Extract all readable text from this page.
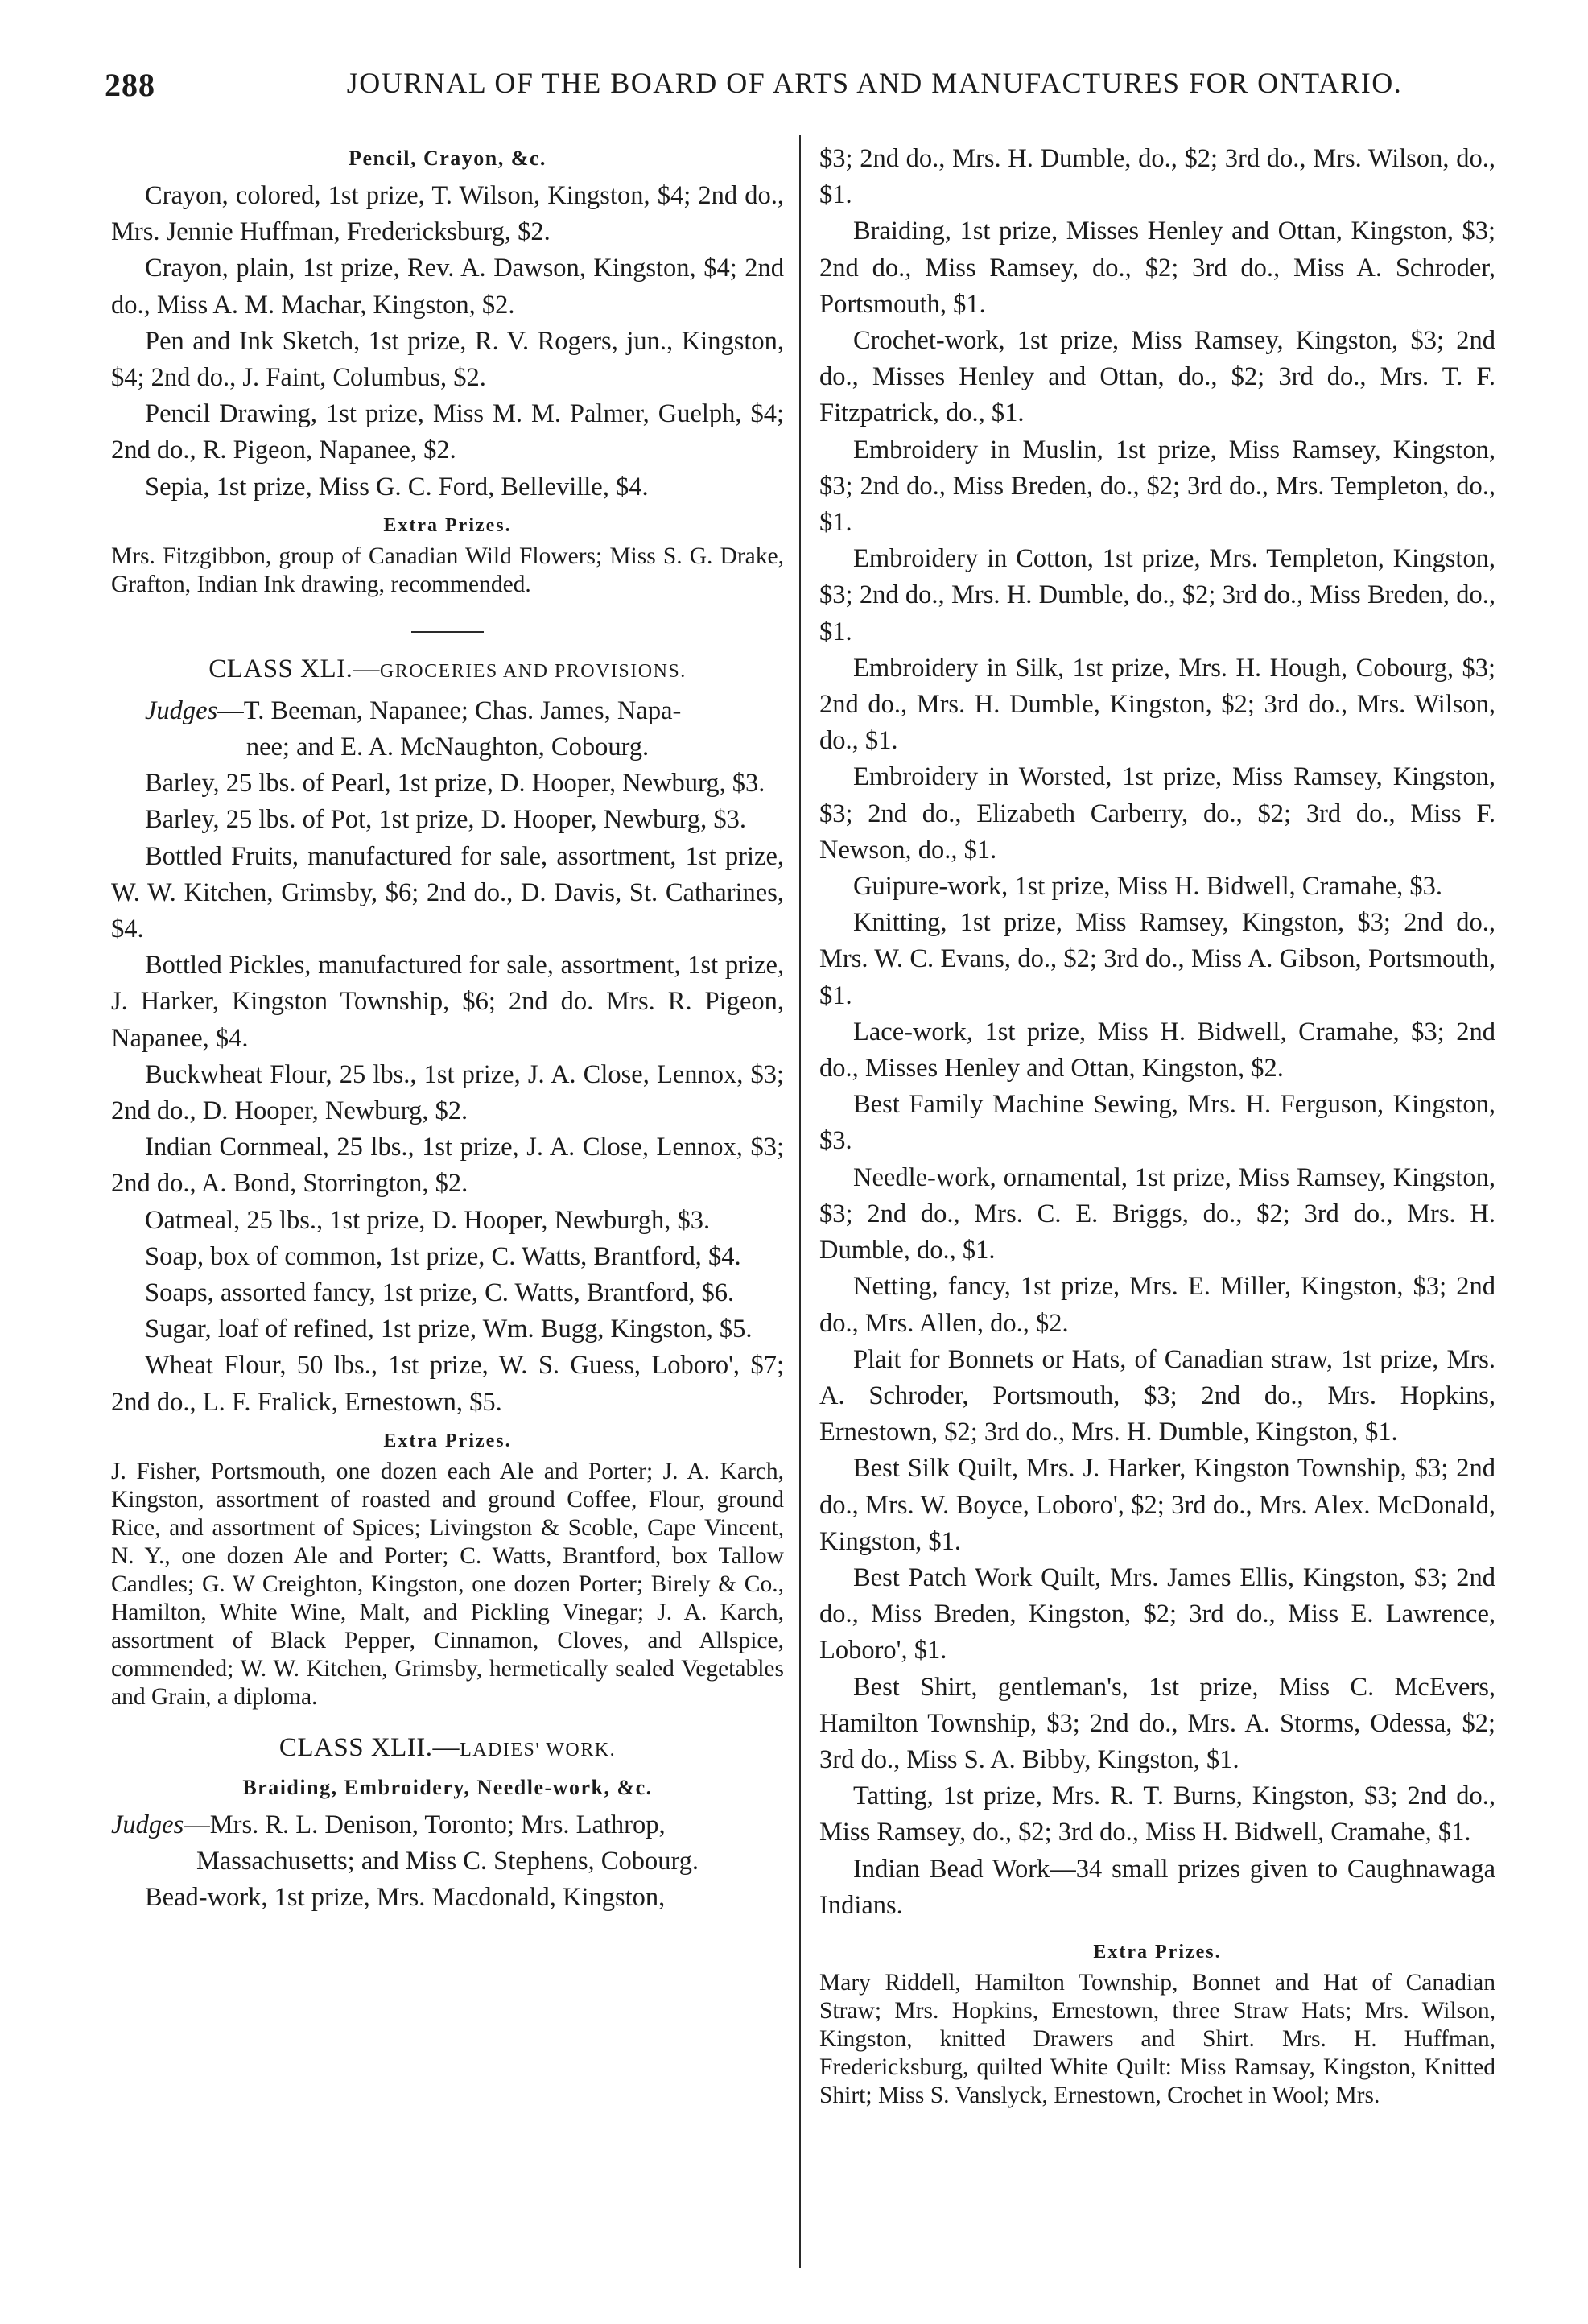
288	JOURNAL OF THE BOARD OF ARTS AND MANUFACTURES FOR ONTARIO.
Pencil, Crayon, &c.

Crayon, colored, 1st prize, T. Wilson, Kingston, $4; 2nd do., Mrs. Jennie Huffman, Fredericksburg, $2.

Crayon, plain, 1st prize, Rev. A. Dawson, Kingston, $4; 2nd do., Miss A. M. Machar, Kingston, $2.

Pen and Ink Sketch, 1st prize, R. V. Rogers, jun., Kingston, $4; 2nd do., J. Faint, Columbus, $2.

Pencil Drawing, 1st prize, Miss M. M. Palmer, Guelph, $4; 2nd do., R. Pigeon, Napanee, $2.

Sepia, 1st prize, Miss G. C. Ford, Belleville, $4.

Extra Prizes.

Mrs. Fitzgibbon, group of Canadian Wild Flowers; Miss S. G. Drake, Grafton, Indian Ink drawing, recommended.

CLASS XLI.—GROCERIES AND PROVISIONS.

Judges—T. Beeman, Napanee; Chas. James, Napa-

nee; and E. A. McNaughton, Cobourg.

Barley, 25 lbs. of Pearl, 1st prize, D. Hooper, Newburg, $3.

Barley, 25 lbs. of Pot, 1st prize, D. Hooper, Newburg, $3.

Bottled Fruits, manufactured for sale, assortment, 1st prize, W. W. Kitchen, Grimsby, $6; 2nd do., D. Davis, St. Catharines, $4.

Bottled Pickles, manufactured for sale, assortment, 1st prize, J. Harker, Kingston Township, $6; 2nd do. Mrs. R. Pigeon, Napanee, $4.

Buckwheat Flour, 25 lbs., 1st prize, J. A. Close, Lennox, $3; 2nd do., D. Hooper, Newburg, $2.

Indian Cornmeal, 25 lbs., 1st prize, J. A. Close, Lennox, $3; 2nd do., A. Bond, Storrington, $2.

Oatmeal, 25 lbs., 1st prize, D. Hooper, Newburgh, $3.

Soap, box of common, 1st prize, C. Watts, Brantford, $4.

Soaps, assorted fancy, 1st prize, C. Watts, Brantford, $6.

Sugar, loaf of refined, 1st prize, Wm. Bugg, Kingston, $5.

Wheat Flour, 50 lbs., 1st prize, W. S. Guess, Loboro', $7; 2nd do., L. F. Fralick, Ernestown, $5.

Extra Prizes.

J. Fisher, Portsmouth, one dozen each Ale and Porter; J. A. Karch, Kingston, assortment of roasted and ground Coffee, Flour, ground Rice, and assortment of Spices; Livingston & Scoble, Cape Vincent, N. Y., one dozen Ale and Porter; C. Watts, Brantford, box Tallow Candles; G. W Creighton, Kingston, one dozen Porter; Birely & Co., Hamilton, White Wine, Malt, and Pickling Vinegar; J. A. Karch, assortment of Black Pepper, Cinnamon, Cloves, and Allspice, commended; W. W. Kitchen, Grimsby, hermetically sealed Vegetables and Grain, a diploma.

CLASS XLII.—LADIES' WORK.
Braiding, Embroidery, Needle-work, &c.

Judges—Mrs. R. L. Denison, Toronto; Mrs. Lathrop,

Massachusetts; and Miss C. Stephens, Cobourg.

Bead-work, 1st prize, Mrs. Macdonald, Kingston,

$3; 2nd do., Mrs. H. Dumble, do., $2; 3rd do., Mrs. Wilson, do., $1.

Braiding, 1st prize, Misses Henley and Ottan, Kingston, $3; 2nd do., Miss Ramsey, do., $2; 3rd do., Miss A. Schroder, Portsmouth, $1.

Crochet-work, 1st prize, Miss Ramsey, Kingston, $3; 2nd do., Misses Henley and Ottan, do., $2; 3rd do., Mrs. T. F. Fitzpatrick, do., $1.

Embroidery in Muslin, 1st prize, Miss Ramsey, Kingston, $3; 2nd do., Miss Breden, do., $2; 3rd do., Mrs. Templeton, do., $1.

Embroidery in Cotton, 1st prize, Mrs. Templeton, Kingston, $3; 2nd do., Mrs. H. Dumble, do., $2; 3rd do., Miss Breden, do., $1.

Embroidery in Silk, 1st prize, Mrs. H. Hough, Cobourg, $3; 2nd do., Mrs. H. Dumble, Kingston, $2; 3rd do., Mrs. Wilson, do., $1.

Embroidery in Worsted, 1st prize, Miss Ramsey, Kingston, $3; 2nd do., Elizabeth Carberry, do., $2; 3rd do., Miss F. Newson, do., $1.

Guipure-work, 1st prize, Miss H. Bidwell, Cramahe, $3.

Knitting, 1st prize, Miss Ramsey, Kingston, $3; 2nd do., Mrs. W. C. Evans, do., $2; 3rd do., Miss A. Gibson, Portsmouth, $1.

Lace-work, 1st prize, Miss H. Bidwell, Cramahe, $3; 2nd do., Misses Henley and Ottan, Kingston, $2.

Best Family Machine Sewing, Mrs. H. Ferguson, Kingston, $3.

Needle-work, ornamental, 1st prize, Miss Ramsey, Kingston, $3; 2nd do., Mrs. C. E. Briggs, do., $2; 3rd do., Mrs. H. Dumble, do., $1.

Netting, fancy, 1st prize, Mrs. E. Miller, Kingston, $3; 2nd do., Mrs. Allen, do., $2.

Plait for Bonnets or Hats, of Canadian straw, 1st prize, Mrs. A. Schroder, Portsmouth, $3; 2nd do., Mrs. Hopkins, Ernestown, $2; 3rd do., Mrs. H. Dumble, Kingston, $1.

Best Silk Quilt, Mrs. J. Harker, Kingston Township, $3; 2nd do., Mrs. W. Boyce, Loboro', $2; 3rd do., Mrs. Alex. McDonald, Kingston, $1.

Best Patch Work Quilt, Mrs. James Ellis, Kingston, $3; 2nd do., Miss Breden, Kingston, $2; 3rd do., Miss E. Lawrence, Loboro', $1.

Best Shirt, gentleman's, 1st prize, Miss C. McEvers, Hamilton Township, $3; 2nd do., Mrs. A. Storms, Odessa, $2; 3rd do., Miss S. A. Bibby, Kingston, $1.

Tatting, 1st prize, Mrs. R. T. Burns, Kingston, $3; 2nd do., Miss Ramsey, do., $2; 3rd do., Miss H. Bidwell, Cramahe, $1.

Indian Bead Work—34 small prizes given to Caughnawaga Indians.

Extra Prizes.

Mary Riddell, Hamilton Township, Bonnet and Hat of Canadian Straw; Mrs. Hopkins, Ernestown, three Straw Hats; Mrs. Wilson, Kingston, knitted Drawers and Shirt. Mrs. H. Huffman, Fredericksburg, quilted White Quilt: Miss Ramsay, Kingston, Knitted Shirt; Miss S. Vanslyck, Ernestown, Crochet in Wool; Mrs.
